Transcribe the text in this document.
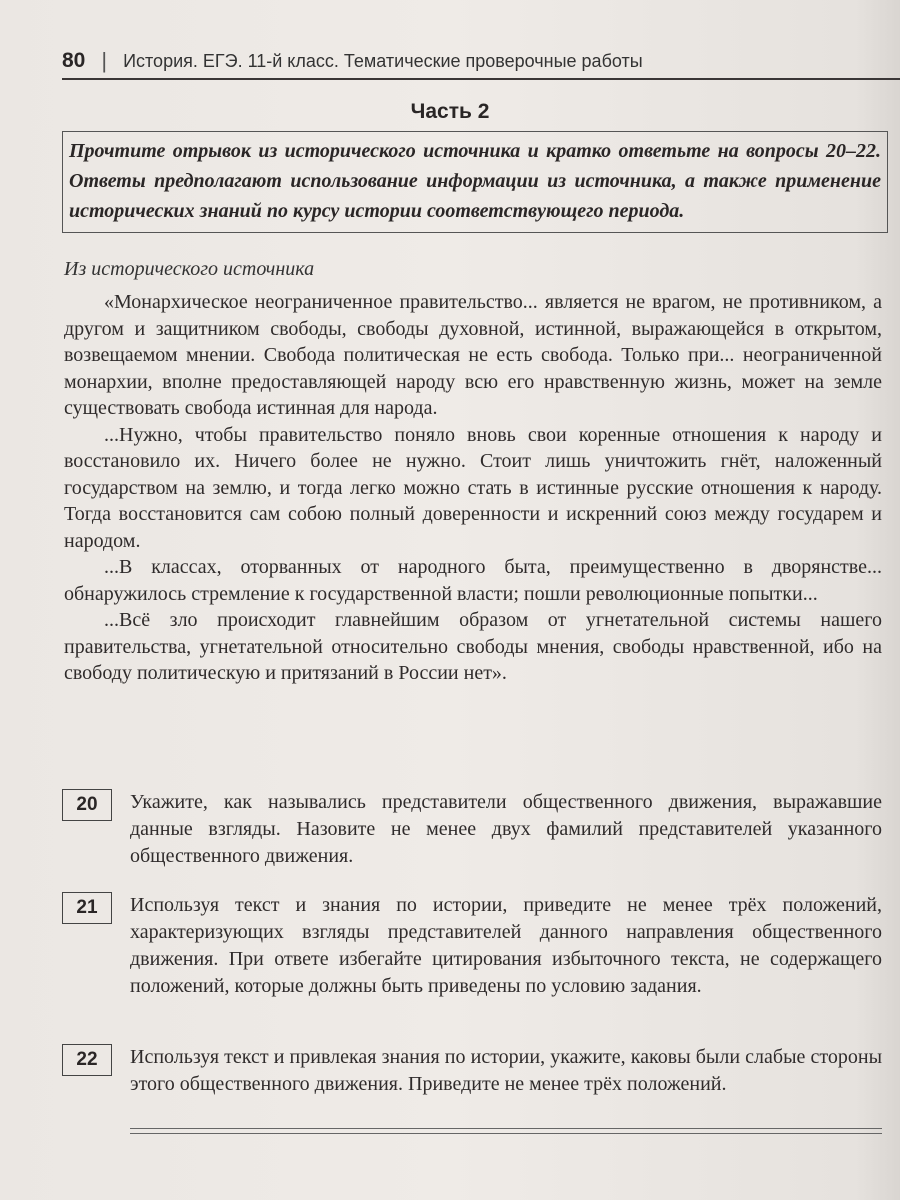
80 | История. ЕГЭ. 11-й класс. Тематические проверочные работы
Часть 2
Прочтите отрывок из исторического источника и кратко ответьте на вопросы 20–22. Ответы предполагают использование информации из источника, а также применение исторических знаний по курсу истории соответствующего периода.
Из исторического источника

«Монархическое неограниченное правительство... является не врагом, не противником, а другом и защитником свободы, свободы духовной, истинной, выражающейся в открытом, возвещаемом мнении. Свобода политическая не есть свобода. Только при... неограниченной монархии, вполне предоставляющей народу всю его нравственную жизнь, может на земле существовать свобода истинная для народа.

...Нужно, чтобы правительство поняло вновь свои коренные отношения к народу и восстановило их. Ничего более не нужно. Стоит лишь уничтожить гнёт, наложенный государством на землю, и тогда легко можно стать в истинные русские отношения к народу. Тогда восстановится сам собою полный доверенности и искренний союз между государем и народом.

...В классах, оторванных от народного быта, преимущественно в дворянстве... обнаружилось стремление к государственной власти; пошли революционные попытки...

...Всё зло происходит главнейшим образом от угнетательной системы нашего правительства, угнетательной относительно свободы мнения, свободы нравственной, ибо на свободу политическую и притязаний в России нет».

20	Укажите, как назывались представители общественного движения, выражавшие данные взгляды. Назовите не менее двух фамилий представителей указанного общественного движения.
21	Используя текст и знания по истории, приведите не менее трёх положений, характеризующих взгляды представителей данного направления общественного движения. При ответе избегайте цитирования избыточного текста, не содержащего положений, которые должны быть приведены по условию задания.
22	Используя текст и привлекая знания по истории, укажите, каковы были слабые стороны этого общественного движения. Приведите не менее трёх положений.
